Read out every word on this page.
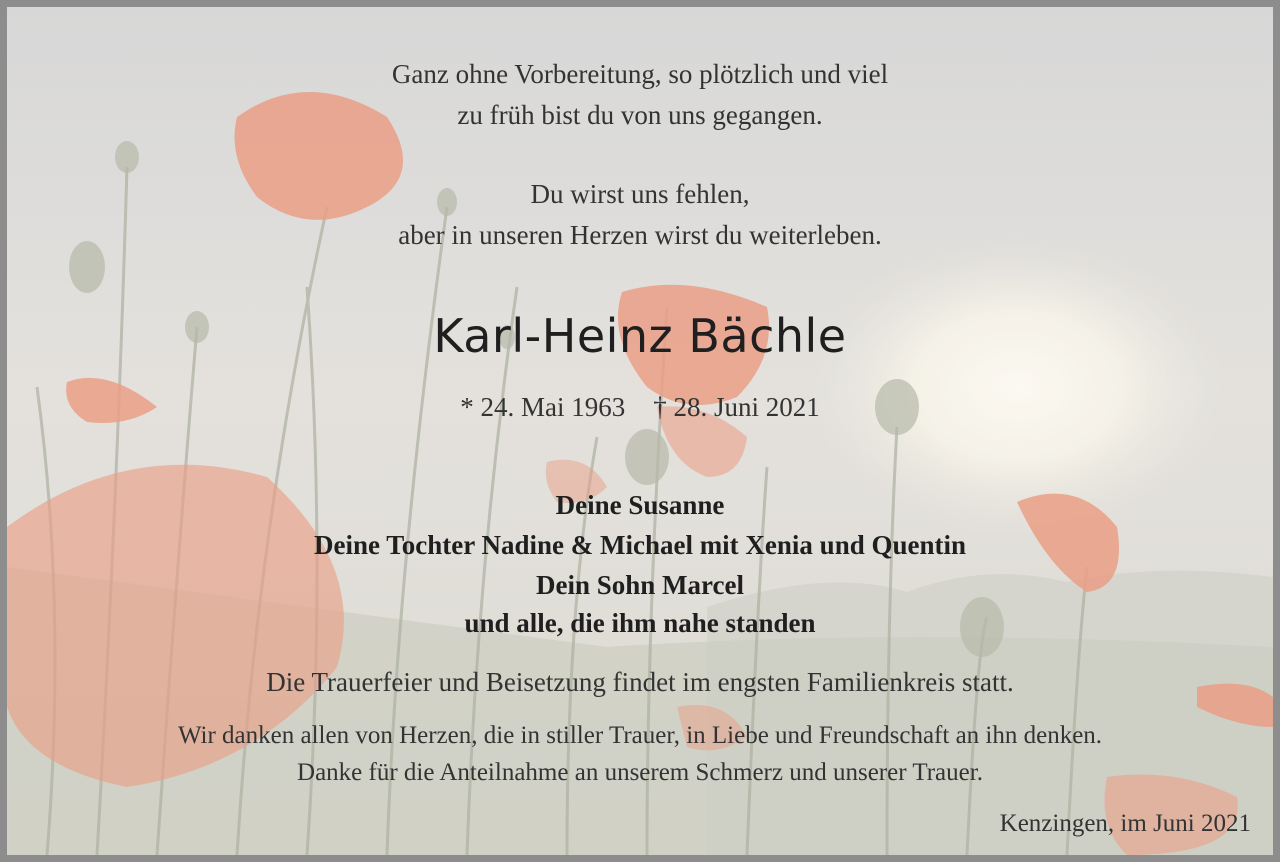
Ganz ohne Vorbereitung, so plötzlich und viel
zu früh bist du von uns gegangen.
Du wirst uns fehlen,
aber in unseren Herzen wirst du weiterleben.
Karl-Heinz Bächle
* 24. Mai 1963 † 28. Juni 2021
Deine Susanne
Deine Tochter Nadine & Michael mit Xenia und Quentin
Dein Sohn Marcel
und alle, die ihm nahe standen
Die Trauerfeier und Beisetzung findet im engsten Familienkreis statt.
Wir danken allen von Herzen, die in stiller Trauer, in Liebe und Freundschaft an ihn denken.
Danke für die Anteilnahme an unserem Schmerz und unserer Trauer.
Kenzingen, im Juni 2021
